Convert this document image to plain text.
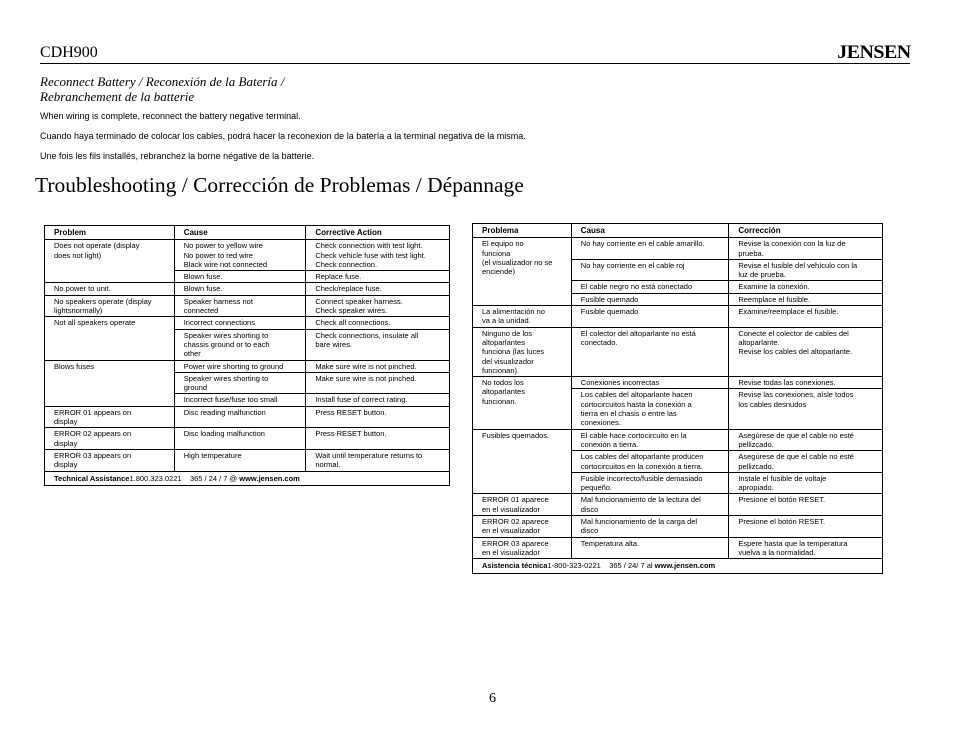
CDH900	JENSEN
Reconnect Battery / Reconexión de la Batería /
Rebranchement de la batterie
When wiring is complete, reconnect the battery negative terminal.
Cuando haya terminado de colocar los cables, podrá hacer la reconexion de la batería a la terminal negativa de la misma.
Une fois les fils installés, rebranchez la borne négative de la batterie.
Troubleshooting / Corrección de Problemas / Dépannage
Problem	Cause	Corrective Action
Does not operate (display
does not light)	No power to yellow wire
No power to red wire
Black wire not connected	Check connection with test light.
Check vehicle fuse with test light.
Check connection.
	Blown fuse.	Replace fuse.
No power to unit.	Blown fuse.	Check/replace fuse.
No speakers operate (display
lightsnormally)	Speaker harness not
connected	Connect speaker harness.
Check speaker wires.
Not all speakers operate	Incorrect connections	Check all connections.
	Speaker wires shorting to
chassis ground or to each
other	Check connections, insulate all
bare wires.
Blows fuses	Power wire shorting to ground	Make sure wire is not pinched.
	Speaker wires shorting to
ground	Make sure wire is not pinched.
	Incorrect fuse/fuse too small	Install fuse of correct rating.
ERROR 01 appears on
display	Disc reading malfunction	Press RESET button.
ERROR 02 appears on
display	Disc loading malfunction	Press RESET button.
ERROR 03 appears on
display	High temperature	Wait until temperature returns to
normal.
Technical Assistance1.800.323.0221 365 / 24 / 7 @ www.jensen.com		
Problema	Causa	Corrección
El equipo no
funciona
(el visualizador no se
enciende)	No hay corriente en el cable amarillo.	Revise la conexión con la luz de
prueba.
	No hay corriente en el cable roj	Revise el fusible del vehículo con la
luz de prueba.
	El cable negro no está conectado	Examine la conexión.
	Fusible quemado	Reemplace el fusible.
La alimentación no
va a la unidad.	Fusible quemado	Examine/reemplace el fusible.
Ninguno de los
altoparlantes
funciona (las luces
del visualizador
funcionan).	El colector del altoparlante no está
conectado.	Conecte el colector de cables del
altoparlante.
Revise los cables del altoparlante.
No todos los
altoparlantes
funcionan.	Conexiones incorrectas	Revise todas las conexiones.
	Los cables del altoparlante hacen
cortocircuitos hasta la conexión a
tierra en el chasis o entre las
conexiones.	Revise las conexiones, aísle todos
los cables desnudos
Fusibles quemados.	El cable hace cortocircuito en la
conexión a tierra.	Asegúrese de que el cable no esté
pellizcado.
	Los cables del altoparlante producen
cortocircuitos en la conexión a tierra.	Asegúrese de que el cable no esté
pellizcado.
	Fusible incorrecto/fusible demasiado
pequeño.	Instale el fusible de voltaje
apropiado.
ERROR 01 aparece
en el visualizador	Mal funcionamiento de la lectura del
disco	Presione el botón RESET.
ERROR 02 aparece
en el visualizador	Mal funcionamiento de la carga del
disco	Presione el botón RESET.
ERROR 03 aparece
en el visualizador	Temperatura alta.	Espere hasta que la temperatura
vuelva a la normalidad.
Asistencia técnica1-800-323-0221 365 / 24/ 7 al www.jensen.com		
6
